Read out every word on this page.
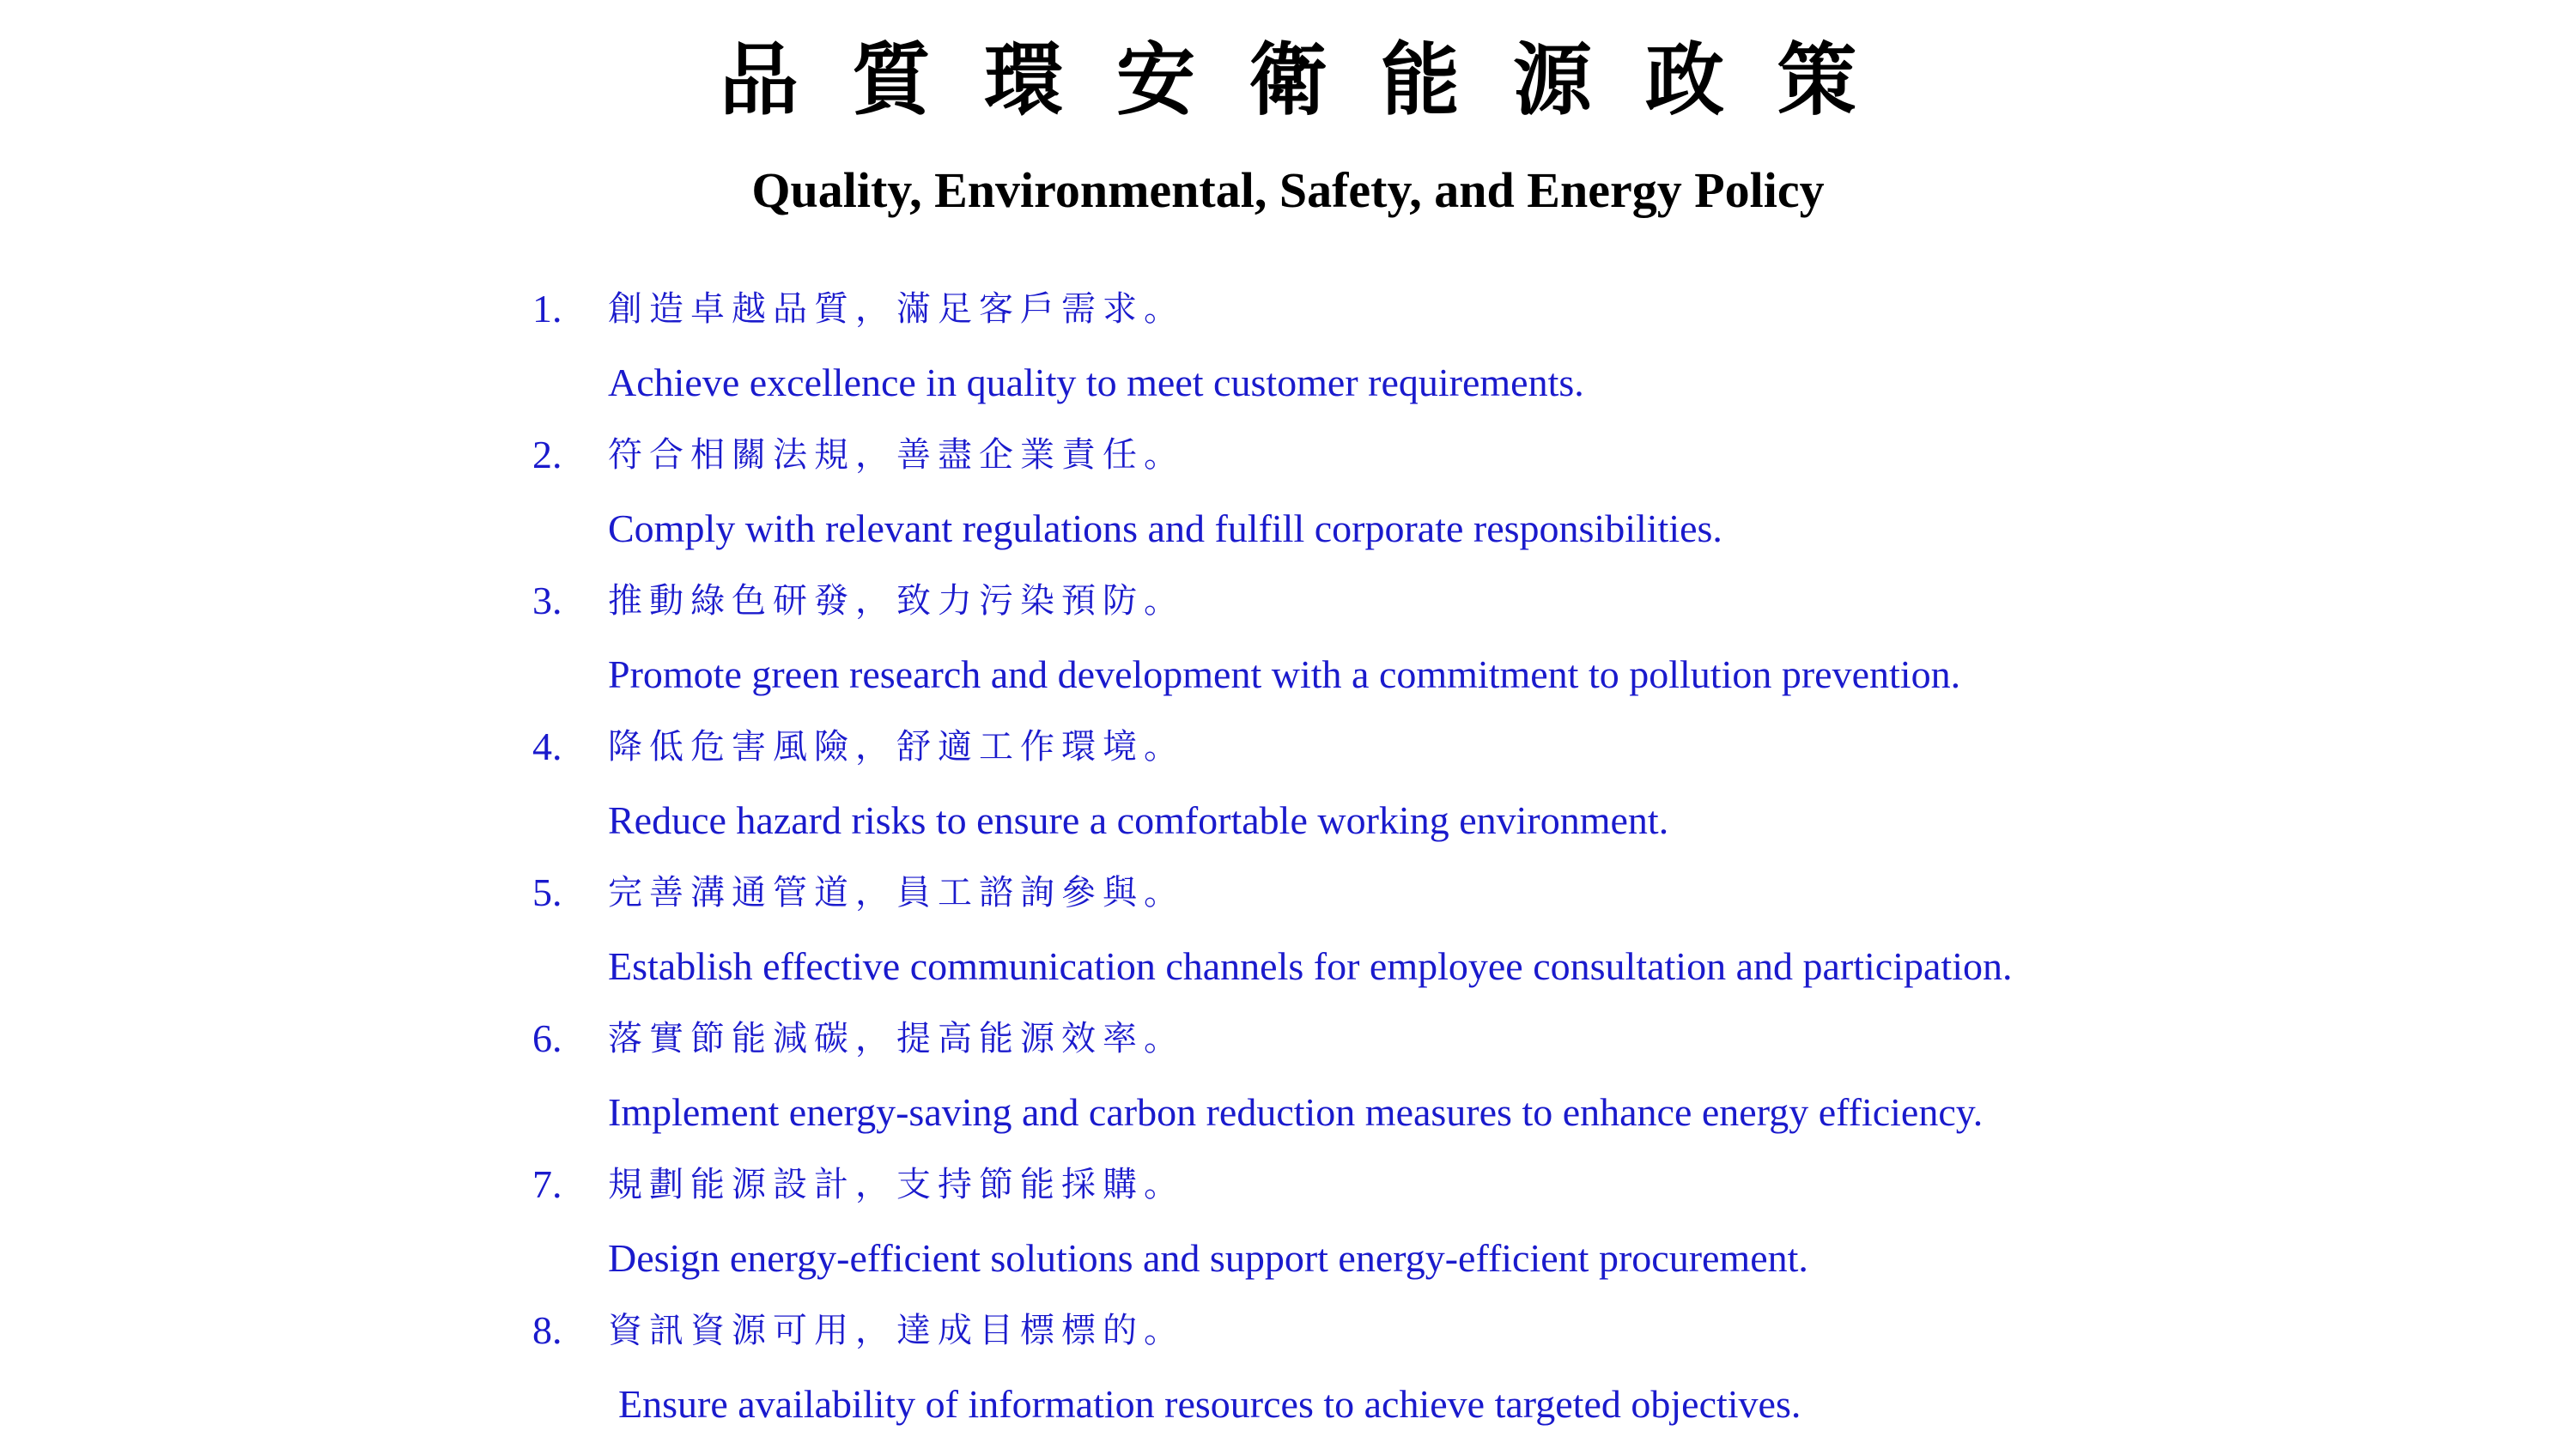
品質環安衛能源政策
Quality, Environmental, Safety, and Energy Policy
1. 創造卓越品質，滿足客戶需求。
Achieve excellence in quality to meet customer requirements.
2. 符合相關法規，善盡企業責任。
Comply with relevant regulations and fulfill corporate responsibilities.
3. 推動綠色研發，致力污染預防。
Promote green research and development with a commitment to pollution prevention.
4. 降低危害風險，舒適工作環境。
Reduce hazard risks to ensure a comfortable working environment.
5. 完善溝通管道，員工諮詢參與。
Establish effective communication channels for employee consultation and participation.
6. 落實節能減碳，提高能源效率。
Implement energy-saving and carbon reduction measures to enhance energy efficiency.
7. 規劃能源設計，支持節能採購。
Design energy-efficient solutions and support energy-efficient procurement.
8. 資訊資源可用，達成目標標的。
Ensure availability of information resources to achieve targeted objectives.
